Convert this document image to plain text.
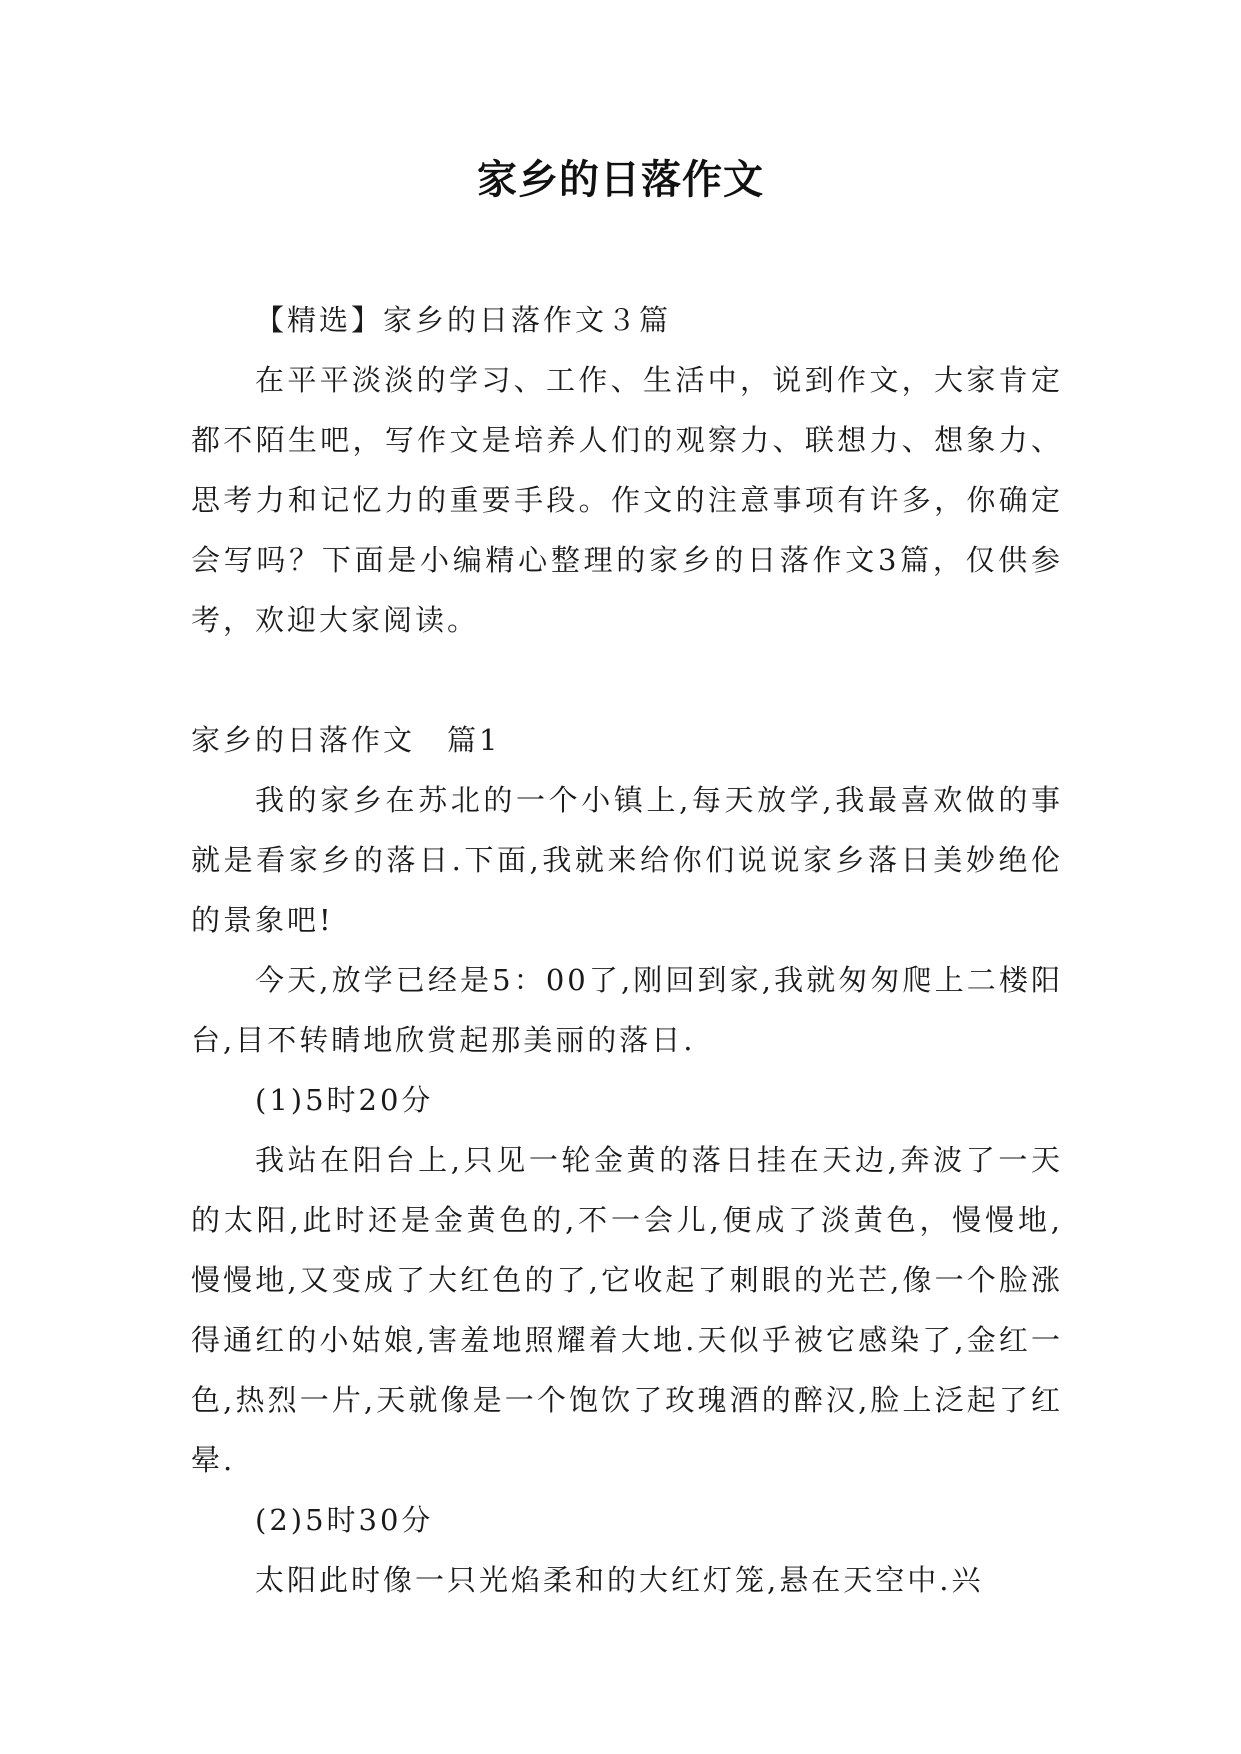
家乡的日落作文

【精选】家乡的日落作文３篇

在平平淡淡的学习、工作、生活中，说到作文，大家肯定都不陌生吧，写作文是培养人们的观察力、联想力、想象力、思考力和记忆力的重要手段。作文的注意事项有许多，你确定会写吗？下面是小编精心整理的家乡的日落作文3篇，仅供参考，欢迎大家阅读。

家乡的日落作文　篇1

我的家乡在苏北的一个小镇上,每天放学,我最喜欢做的事就是看家乡的落日.下面,我就来给你们说说家乡落日美妙绝伦的景象吧!

今天,放学已经是5：00了,刚回到家,我就匆匆爬上二楼阳台,目不转睛地欣赏起那美丽的落日.

(1)5时20分

我站在阳台上,只见一轮金黄的落日挂在天边,奔波了一天的太阳,此时还是金黄色的,不一会儿,便成了淡黄色，慢慢地,慢慢地,又变成了大红色的了,它收起了刺眼的光芒,像一个脸涨得通红的小姑娘,害羞地照耀着大地.天似乎被它感染了,金红一色,热烈一片,天就像是一个饱饮了玫瑰酒的醉汉,脸上泛起了红晕.

(2)5时30分

太阳此时像一只光焰柔和的大红灯笼,悬在天空中.兴
